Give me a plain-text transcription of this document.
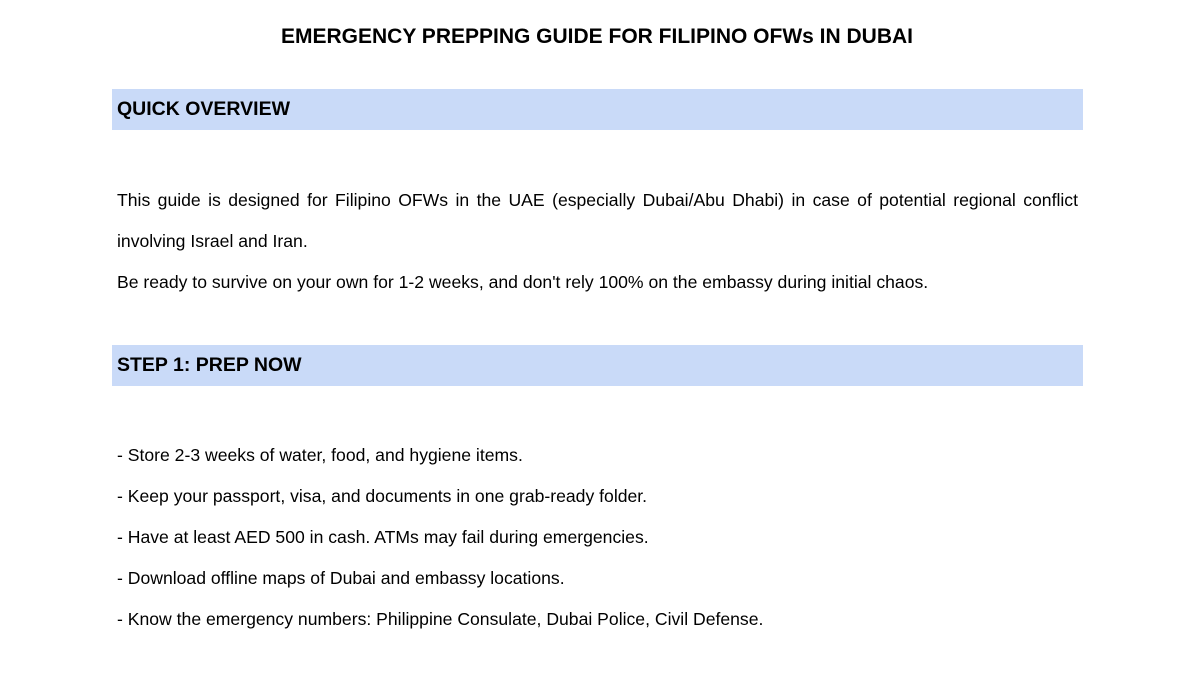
EMERGENCY PREPPING GUIDE FOR FILIPINO OFWs IN DUBAI
QUICK OVERVIEW

This guide is designed for Filipino OFWs in the UAE (especially Dubai/Abu Dhabi) in case of potential regional conflict involving Israel and Iran.

Be ready to survive on your own for 1-2 weeks, and don't rely 100% on the embassy during initial chaos.

STEP 1: PREP NOW
- Store 2-3 weeks of water, food, and hygiene items.
- Keep your passport, visa, and documents in one grab-ready folder.
- Have at least AED 500 in cash. ATMs may fail during emergencies.
- Download offline maps of Dubai and embassy locations.
- Know the emergency numbers: Philippine Consulate, Dubai Police, Civil Defense.
